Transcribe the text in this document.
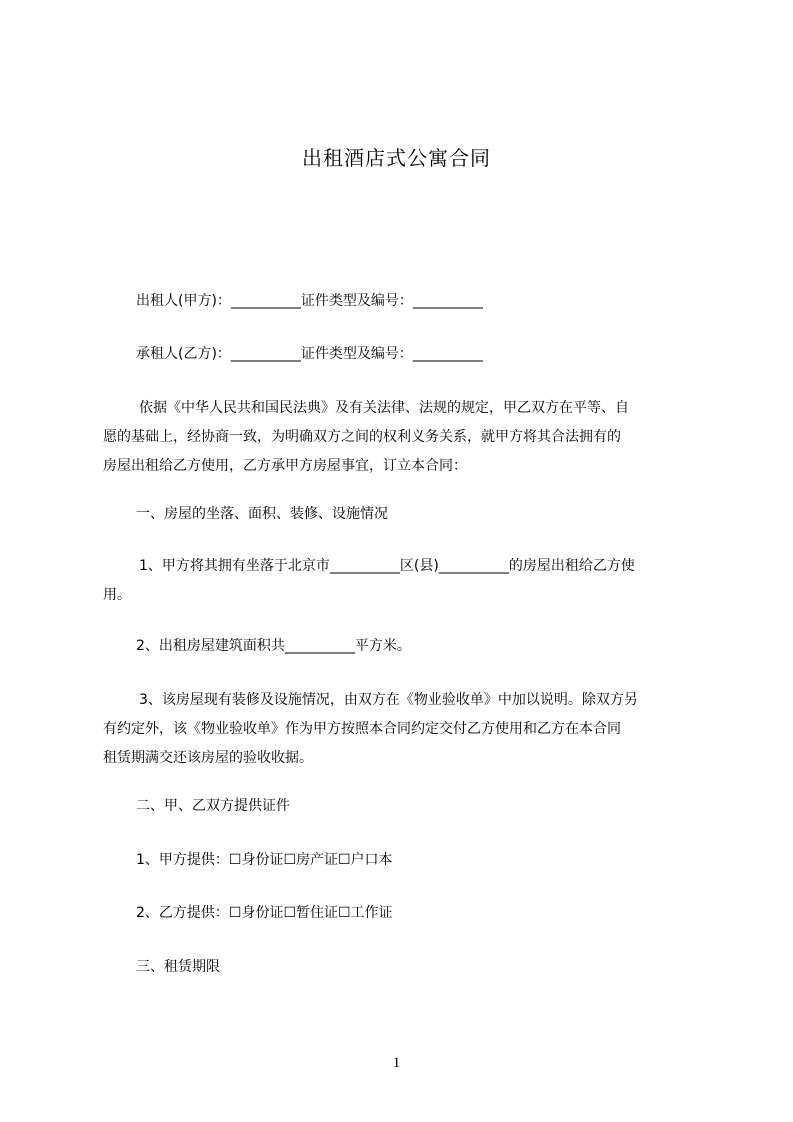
出租酒店式公寓合同

出租人(甲方)：__________证件类型及编号：__________

承租人(乙方)：__________证件类型及编号：__________

依据《中华人民共和国民法典》及有关法律、法规的规定，甲乙双方在平等、自
愿的基础上，经协商一致，为明确双方之间的权利义务关系，就甲方将其合法拥有的
房屋出租给乙方使用，乙方承甲方房屋事宜，订立本合同：

一、房屋的坐落、面积、装修、设施情况

1、甲方将其拥有坐落于北京市__________区(县)__________的房屋出租给乙方使
用。

2、出租房屋建筑面积共__________平方米。

3、该房屋现有装修及设施情况，由双方在《物业验收单》中加以说明。除双方另
有约定外，该《物业验收单》作为甲方按照本合同约定交付乙方使用和乙方在本合同
租赁期满交还该房屋的验收收据。

二、甲、乙双方提供证件

1、甲方提供：☐身份证☐房产证☐户口本

2、乙方提供：☐身份证☐暂住证☐工作证

三、租赁期限

1
